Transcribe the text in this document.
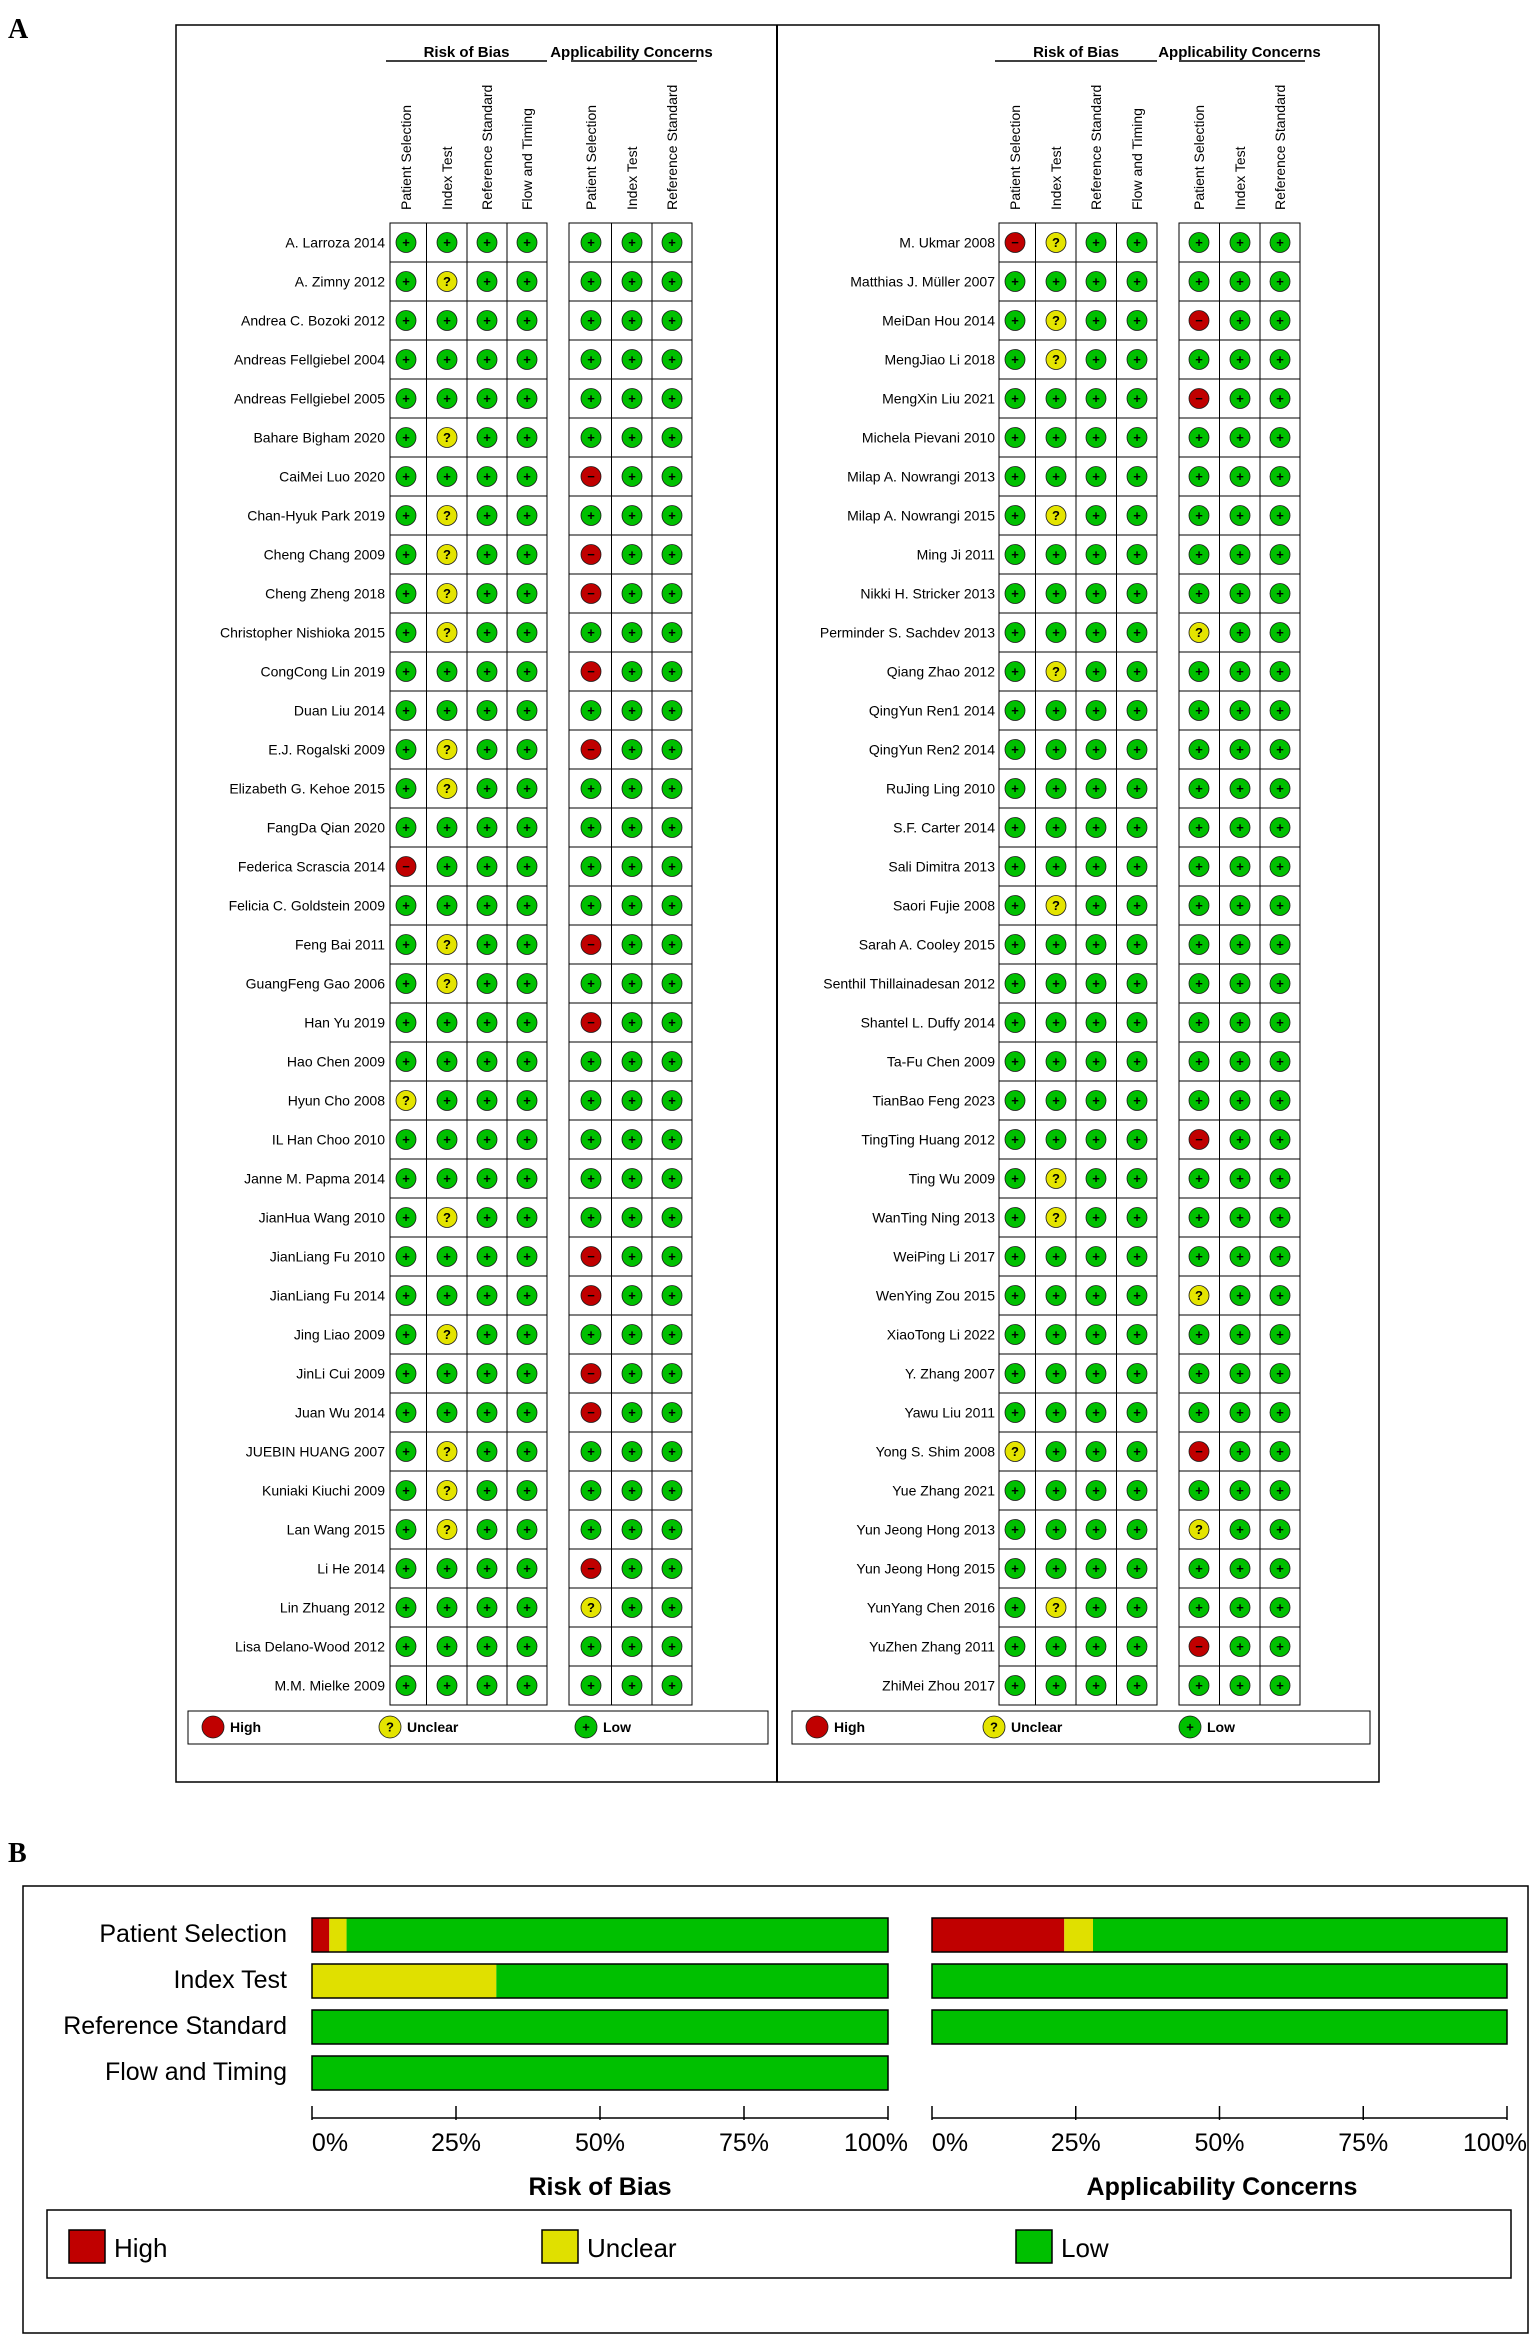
A
B
Risk of Bias	Applicability Concerns
Patient Selection Index Test Reference Standard Flow and Timing	Patient Selection Index Test Reference Standard
A. Larroza 2014 +	+ + +	+	+ +
A. Zimny 2012 +	? + +	+	+ +
Andrea C. Bozoki 2012 +	+ + +	+	+ +
Andreas Fellgiebel 2004 +	+ + +	+	+ +
Andreas Fellgiebel 2005 +	+ + +	+	+ +
Bahare Bigham 2020 +	? + +	+	+ +
CaiMei Luo 2020 +	+ + +	−	+ +
Chan-Hyuk Park 2019 +	? + +	+	+ +
Cheng Chang 2009 +	? + +	−	+ +
Cheng Zheng 2018 +	? + +	−	+ +
Christopher Nishioka 2015 +	? + +	+	+ +
CongCong Lin 2019 +	+ + +	−	+ +
Duan Liu 2014 +	+ + +	+	+ +
E.J. Rogalski 2009 +	? + +	−	+ +
Elizabeth G. Kehoe 2015 +	? + +	+	+ +
FangDa Qian 2020 +	+ + +	+	+ +
Federica Scrascia 2014 −	+ + +	+	+ +
Felicia C. Goldstein 2009 +	+ + +	+	+ +
Feng Bai 2011 +	? + +	−	+ +
GuangFeng Gao 2006 +	? + +	+	+ +
Han Yu 2019 +	+ + +	−	+ +
Hao Chen 2009 +	+ + +	+	+ +
Hyun Cho 2008 ?	+ + +	+	+ +
IL Han Choo 2010 +	+ + +	+	+ +
Janne M. Papma 2014 +	+ + +	+	+ +
JianHua Wang 2010 +	? + +	+	+ +
JianLiang Fu 2010 +	+ + +	−	+ +
JianLiang Fu 2014 +	+ + +	−	+ +
Jing Liao 2009 +	? + +	+	+ +
JinLi Cui 2009 +	+ + +	−	+ +
Juan Wu 2014 +	+ + +	−	+ +
JUEBIN HUANG 2007 +	? + +	+	+ +
Kuniaki Kiuchi 2009 +	? + +	+	+ +
Lan Wang 2015 +	? + +	+	+ +
Li He 2014 +	+ + +	−	+ +
Lin Zhuang 2012 +	+ + +	?	+ +
Lisa Delano-Wood 2012 +	+ + +	+	+ +
M.M. Mielke 2009 +	+ + +	+	+ +
High	? Unclear	+ Low
Risk of Bias	Applicability Concerns
Patient Selection Index Test Reference Standard Flow and Timing	Patient Selection Index Test Reference Standard
M. Ukmar 2008 −	? +	+	+	+ +
Matthias J. Müller 2007 +	+ +	+	+	+ +
MeiDan Hou 2014 +	? +	+	−	+ +
MengJiao Li 2018 +	? +	+	+	+ +
MengXin Liu 2021 +	+ +	+	−	+ +
Michela Pievani 2010 +	+ +	+	+	+ +
Milap A. Nowrangi 2013 +	+ +	+	+	+ +
Milap A. Nowrangi 2015 +	? +	+	+	+ +
Ming Ji 2011 +	+ +	+	+	+ +
Nikki H. Stricker 2013 +	+ +	+	+	+ +
Perminder S. Sachdev 2013 +	+ +	+	?	+ +
Qiang Zhao 2012 +	? +	+	+	+ +
QingYun Ren1 2014 +	+ +	+	+	+ +
QingYun Ren2 2014 +	+ +	+	+	+ +
RuJing Ling 2010 +	+ +	+	+	+ +
S.F. Carter 2014 +	+ +	+	+	+ +
Sali Dimitra 2013 +	+ +	+	+	+ +
Saori Fujie 2008 +	? +	+	+	+ +
Sarah A. Cooley 2015 +	+ +	+	+	+ +
Senthil Thillainadesan 2012 +	+ +	+	+	+ +
Shantel L. Duffy 2014 +	+ +	+	+	+ +
Ta-Fu Chen 2009 +	+ +	+	+	+ +
TianBao Feng 2023 +	+ +	+	+	+ +
TingTing Huang 2012 +	+ +	+	−	+ +
Ting Wu 2009 +	? +	+	+	+ +
WanTing Ning 2013 +	? +	+	+	+ +
WeiPing Li 2017 +	+ +	+	+	+ +
WenYing Zou 2015 +	+ +	+	?	+ +
XiaoTong Li 2022 +	+ +	+	+	+ +
Y. Zhang 2007 +	+ +	+	+	+ +
Yawu Liu 2011 +	+ +	+	+	+ +
Yong S. Shim 2008 ?	+ +	+	−	+ +
Yue Zhang 2021 +	+ +	+	+	+ +
Yun Jeong Hong 2013 +	+ +	+	?	+ +
Yun Jeong Hong 2015 +	+ +	+	+	+ +
YunYang Chen 2016 +	? +	+	+	+ +
YuZhen Zhang 2011 +	+ +	+	−	+ +
ZhiMei Zhou 2017 +	+ +	+	+	+ +
High	? Unclear	+ Low
Patient Selection
Index Test
Reference Standard
Flow and Timing
0%	25%	50%	75%	100%
Risk of Bias
0%	25%	50%	75%	100%
Applicability Concerns
High	Unclear	Low
